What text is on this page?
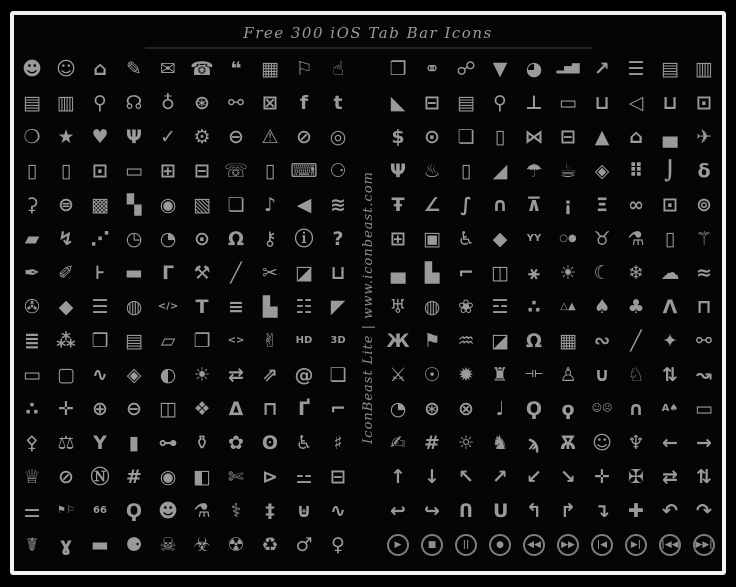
Free 300 iOS Tab Bar Icons
☻ ☺ ⌂	✎ ✉ ☎ ❝	▦ ⚐	☝
▤ ▥ ⚲ ☊ ♁	⊛ ⚯ ⊠	f	t
❍ ★ ♥ Ψ ✓ ⚙ ⊖ ⚠ ⊘ ◎
▯	▯	⊡ ▭ ⊞ ⊟ ☏ ▯ ⌨ ⚆
⚳	⊜ ▩ ▚ ◉ ▧ ❏	♪	◀ ≋
▰ ↯ ⋰ ◷ ◔ ⊙ Ω ⚷ ⓘ ?
✒ ✐	⊦	▬ Γ	⚒	╱	✂ ◪ ⊔
✇ ◆ ☰ ◍	</> T	≡ ▙ ☷ ◤
≣ ⁂ ❒ ▤ ▱ ❐	<> ✌	HD	3D
▭ ▢ ∿ ◈ ◐ ☀ ⇄ ⇗ @ ❑
∴	✛ ⊕ ⊖ ◫ ❖ Δ	⊓	Ґ	⌐
⚴ ⚖ Y	▮	⊶ ⚱ ✿ ʘ ♿	♯
♕ ⊘ Ⓝ # ◉ ◧ ✄ ⊳ ⚍ ⊟
⚌	⚑⚐	66 Ϙ ☻ ⚗	⚕	‡	⊎ ∿
☤	ɣ ▬ ⚈ ☠ ☣ ☢ ♻ ♂ ♀
IconBeast Lite | www.iconbeast.com
❒ ⚭ ☍ ▼ ◕	▂▅▇ ↗ ☰ ▤ ▥
◣ ⊟ ▤ ⚲ ⊥ ▭ ⊔	◁	⊔ ⊡
$	⊙ ❏	▯	⋈ ⊟ ▲	⌂	▄ ✈
Ψ ♨	▯	◢ ☂ ☕ ◈	⠿	⌡	δ
Ŧ ∠	∫	∩ ⊼	¡	Ξ	∞ ⊡ ⊚
⊞ ▣ ♿ ◆	ΥΥ	○● ♉ ⚗	▯	⚚
▄	▙ ⌐ ◫	⚹	☀ ☾ ❄ ☁ ≈
♅ ◍ ❀ ☲ ∴	△▲ ♠ ♣ Λ	⊓
Ж ⚑ ♒ ◪ Ω ▦ ∾	╱	✦ ⚯
⚔ ☉ ✹ ♜	⊣⊢ ♙ ∪ ♘ ⇅ ↝
◔ ⊛ ⊗	♩	Ϙ	ϙ	☺☹ ∩	A♠ ▭
✍ # ☼ ♞	ϡ	Ѫ ☺ ♆ ← →
↑ ↓ ↖ ↗ ↙ ↘ ✛ ✠ ⇄ ⇅
↩ ↪	Ո	Ս	↰ ↱ ↴ ✚ ↶ ↷
▶	■	||	●	◀◀	▶▶	|◀	▶|	|◀◀ ▶▶|
